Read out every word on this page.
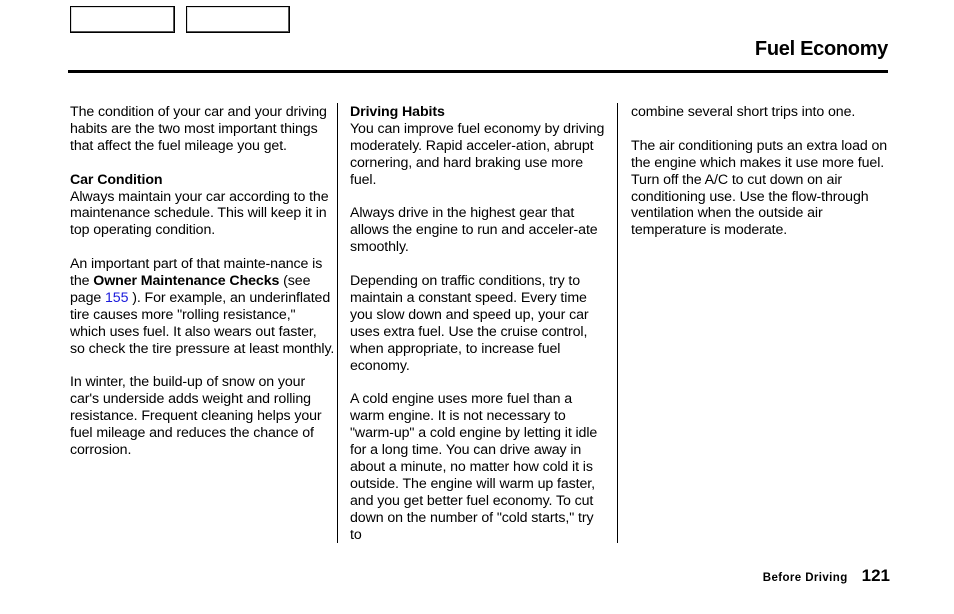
Fuel Economy

The condition of your car and your driving habits are the two most important things that affect the fuel mileage you get.

Car Condition

Always maintain your car according to the maintenance schedule. This will keep it in top operating condition.

An important part of that mainte-nance is the Owner Maintenance Checks (see page 155 ). For example, an underinflated tire causes more "rolling resistance," which uses fuel. It also wears out faster, so check the tire pressure at least monthly.

In winter, the build-up of snow on your car's underside adds weight and rolling resistance. Frequent cleaning helps your fuel mileage and reduces the chance of corrosion.

Driving Habits

You can improve fuel economy by driving moderately. Rapid acceler-ation, abrupt cornering, and hard braking use more fuel.

Always drive in the highest gear that allows the engine to run and acceler-ate smoothly.

Depending on traffic conditions, try to maintain a constant speed. Every time you slow down and speed up, your car uses extra fuel. Use the cruise control, when appropriate, to increase fuel economy.

A cold engine uses more fuel than a warm engine. It is not necessary to "warm-up" a cold engine by letting it idle for a long time. You can drive away in about a minute, no matter how cold it is outside. The engine will warm up faster, and you get better fuel economy. To cut down on the number of "cold starts," try to

combine several short trips into one.

The air conditioning puts an extra load on the engine which makes it use more fuel. Turn off the A/C to cut down on air conditioning use. Use the flow-through ventilation when the outside air temperature is moderate.

Before Driving 121
